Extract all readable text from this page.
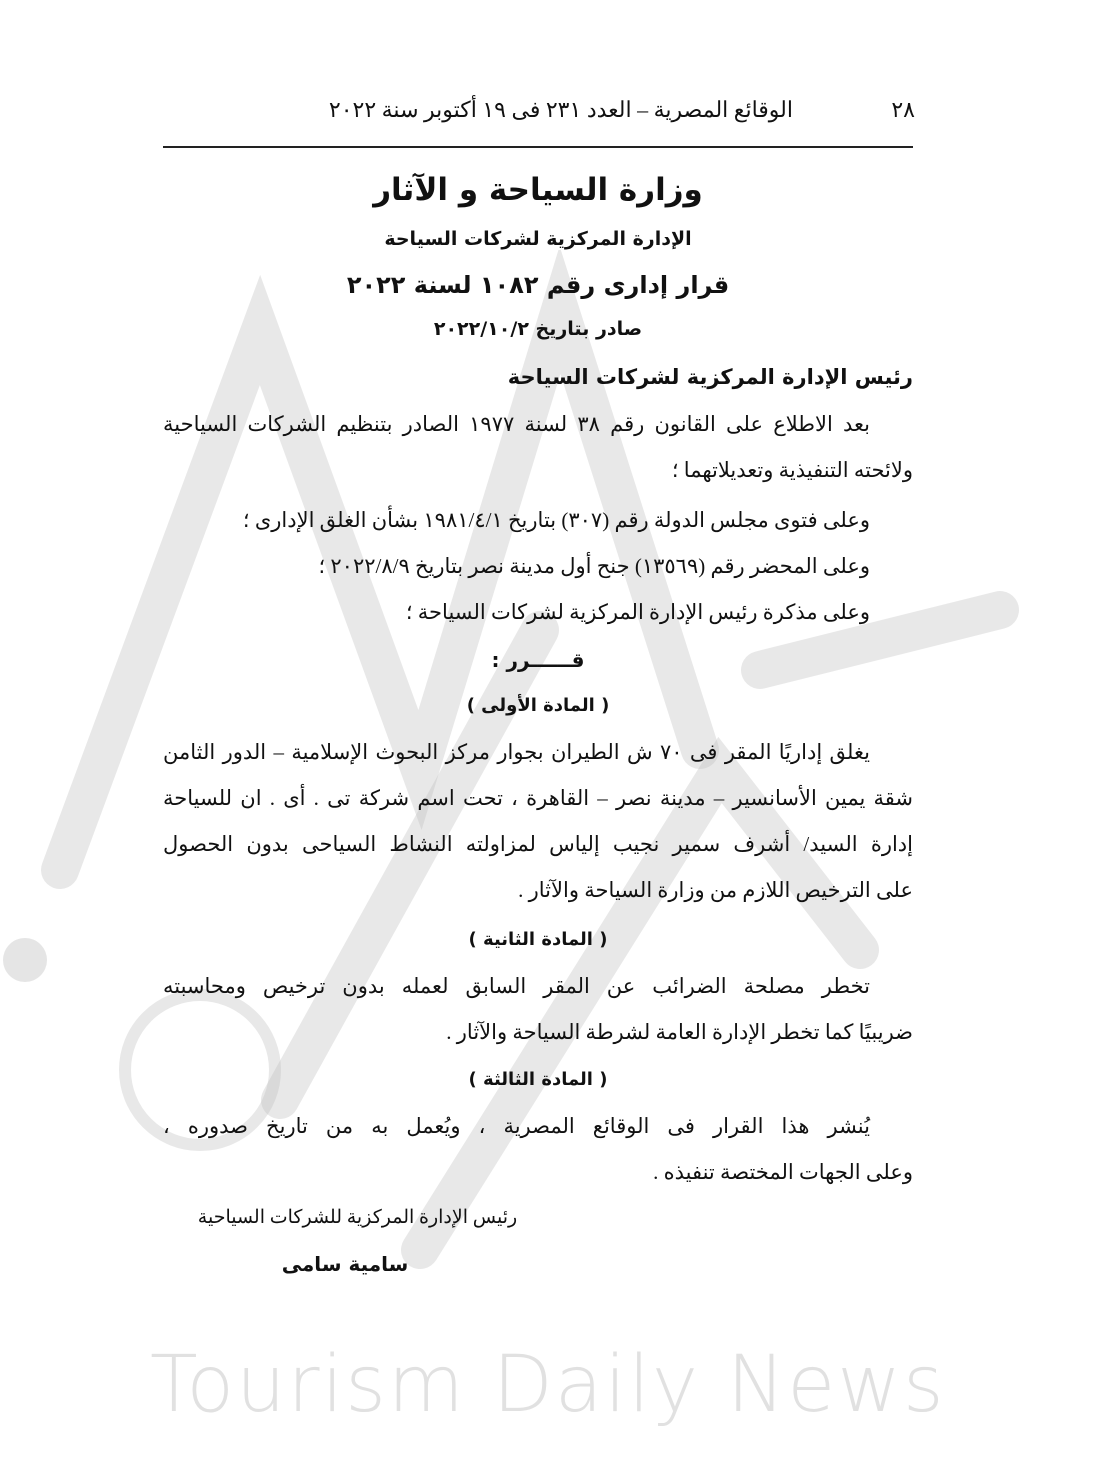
Tourism Daily News
٢٨
الوقائع المصرية – العدد ٢٣١ فى ١٩ أكتوبر سنة ٢٠٢٢
وزارة السياحة و الآثار
الإدارة المركزية لشركات السياحة
قرار إدارى رقم ١٠٨٢ لسنة ٢٠٢٢
صادر بتاريخ ٢٠٢٢/١٠/٢
رئيس الإدارة المركزية لشركات السياحة
بعد الاطلاع على القانون رقم ٣٨ لسنة ١٩٧٧ الصادر بتنظيم الشركات السياحية
ولائحته التنفيذية وتعديلاتهما ؛
وعلى فتوى مجلس الدولة رقم (٣٠٧) بتاريخ ١٩٨١/٤/١ بشأن الغلق الإدارى ؛
وعلى المحضر رقم (١٣٥٦٩) جنح أول مدينة نصر بتاريخ ٢٠٢٢/٨/٩ ؛
وعلى مذكرة رئيس الإدارة المركزية لشركات السياحة ؛
قــــــرر :
( المادة الأولى )
يغلق إداريًا المقر فى ٧٠ ش الطيران بجوار مركز البحوث الإسلامية – الدور الثامن
شقة يمين الأسانسير – مدينة نصر – القاهرة ، تحت اسم شركة تى . أى . ان للسياحة
إدارة السيد/ أشرف سمير نجيب إلياس لمزاولته النشاط السياحى بدون الحصول
على الترخيص اللازم من وزارة السياحة والآثار .
( المادة الثانية )
تخطر مصلحة الضرائب عن المقر السابق لعمله بدون ترخيص ومحاسبته
ضريبيًا كما تخطر الإدارة العامة لشرطة السياحة والآثار .
( المادة الثالثة )
يُنشر هذا القرار فى الوقائع المصرية ، ويُعمل به من تاريخ صدوره ،
وعلى الجهات المختصة تنفيذه .
رئيس الإدارة المركزية للشركات السياحية
سامية سامى
